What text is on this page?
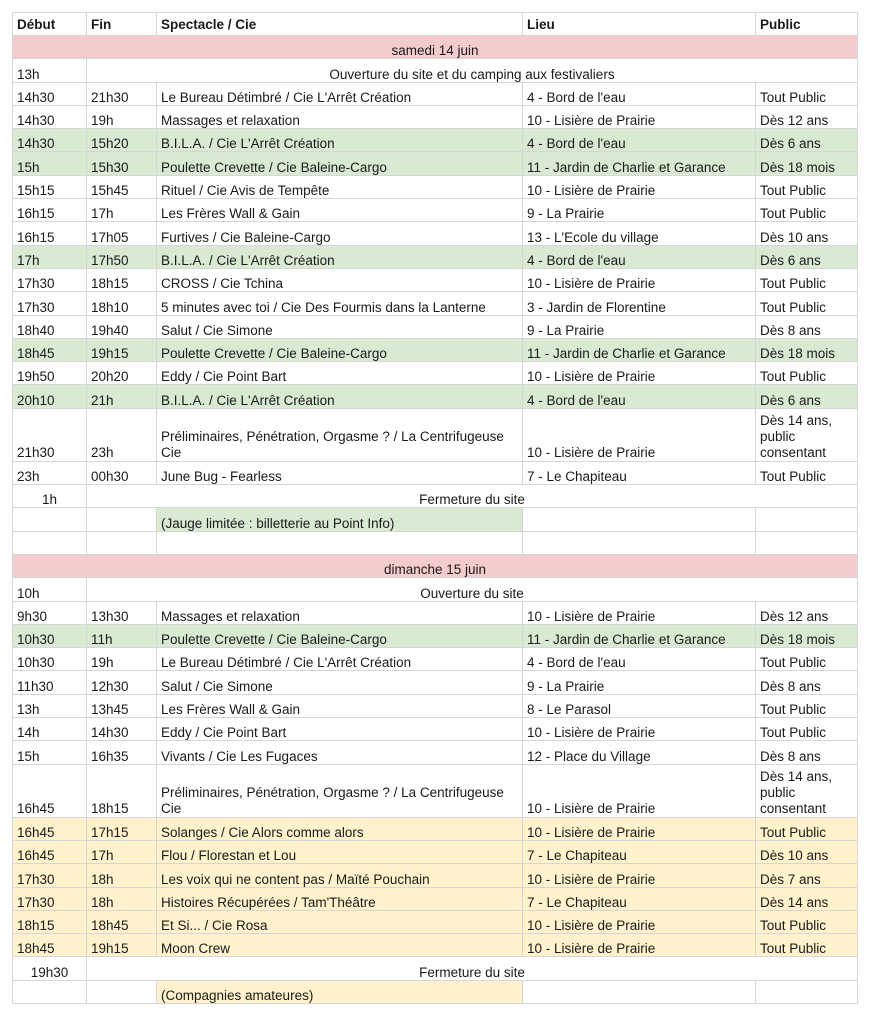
Début	Fin	Spectacle / Cie	Lieu	Public
samedi 14 juin				
13h	Ouverture du site et du camping aux festivaliers			
14h30	21h30	Le Bureau Détimbré / Cie L'Arrêt Création	4 - Bord de l'eau	Tout Public
14h30	19h	Massages et relaxation	10 - Lisière de Prairie	Dès 12 ans
14h30	15h20	B.I.L.A. / Cie L'Arrêt Création	4 - Bord de l'eau	Dès 6 ans
15h	15h30	Poulette Crevette / Cie Baleine-Cargo	11 - Jardin de Charlie et Garance	Dès 18 mois
15h15	15h45	Rituel / Cie Avis de Tempête	10 - Lisière de Prairie	Tout Public
16h15	17h	Les Frères Wall & Gain	9 - La Prairie	Tout Public
16h15	17h05	Furtives / Cie Baleine-Cargo	13 - L'Ecole du village	Dès 10 ans
17h	17h50	B.I.L.A. / Cie L'Arrêt Création	4 - Bord de l'eau	Dès 6 ans
17h30	18h15	CROSS / Cie Tchina	10 - Lisière de Prairie	Tout Public
17h30	18h10	5 minutes avec toi / Cie Des Fourmis dans la Lanterne	3 - Jardin de Florentine	Tout Public
18h40	19h40	Salut / Cie Simone	9 - La Prairie	Dès 8 ans
18h45	19h15	Poulette Crevette / Cie Baleine-Cargo	11 - Jardin de Charlie et Garance	Dès 18 mois
19h50	20h20	Eddy / Cie Point Bart	10 - Lisière de Prairie	Tout Public
20h10	21h	B.I.L.A. / Cie L'Arrêt Création	4 - Bord de l'eau	Dès 6 ans
21h30	23h	Préliminaires, Pénétration, Orgasme ? / La Centrifugeuse Cie	10 - Lisière de Prairie	Dès 14 ans, public consentant
23h	00h30	June Bug - Fearless	7 - Le Chapiteau	Tout Public
1h	Fermeture du site			
		(Jauge limitée : billetterie au Point Info)		

dimanche 15 juin				
10h	Ouverture du site			
9h30	13h30	Massages et relaxation	10 - Lisière de Prairie	Dès 12 ans
10h30	11h	Poulette Crevette / Cie Baleine-Cargo	11 - Jardin de Charlie et Garance	Dès 18 mois
10h30	19h	Le Bureau Détimbré / Cie L'Arrêt Création	4 - Bord de l'eau	Tout Public
11h30	12h30	Salut / Cie Simone	9 - La Prairie	Dès 8 ans
13h	13h45	Les Frères Wall & Gain	8 - Le Parasol	Tout Public
14h	14h30	Eddy / Cie Point Bart	10 - Lisière de Prairie	Tout Public
15h	16h35	Vivants / Cie Les Fugaces	12 - Place du Village	Dès 8 ans
16h45	18h15	Préliminaires, Pénétration, Orgasme ? / La Centrifugeuse Cie	10 - Lisière de Prairie	Dès 14 ans, public consentant
16h45	17h15	Solanges / Cie Alors comme alors	10 - Lisière de Prairie	Tout Public
16h45	17h	Flou / Florestan et Lou	7 - Le Chapiteau	Dès 10 ans
17h30	18h	Les voix qui ne content pas / Maïté Pouchain	10 - Lisière de Prairie	Dès 7 ans
17h30	18h	Histoires Récupérées / Tam'Théâtre	7 - Le Chapiteau	Dès 14 ans
18h15	18h45	Et Si... / Cie Rosa	10 - Lisière de Prairie	Tout Public
18h45	19h15	Moon Crew	10 - Lisière de Prairie	Tout Public
19h30	Fermeture du site			
		(Compagnies amateures)		
